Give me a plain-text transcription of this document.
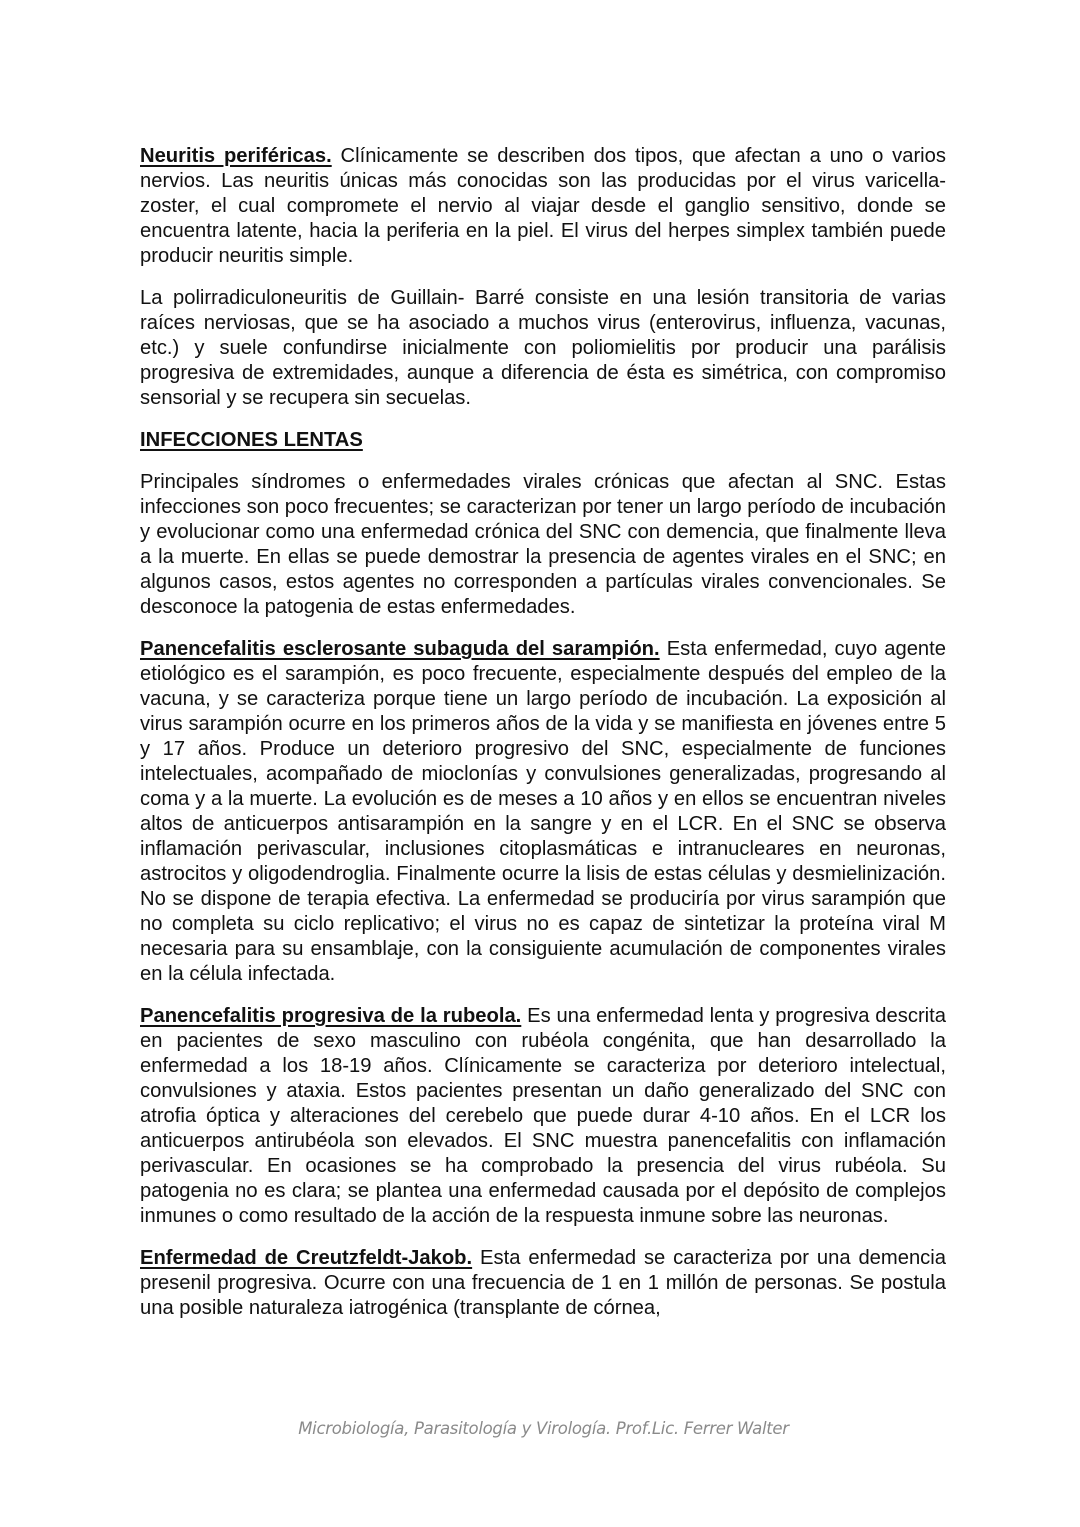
Neuritis periféricas. Clínicamente se describen dos tipos, que afectan a uno o varios nervios. Las neuritis únicas más conocidas son las producidas por el virus varicella-zoster, el cual compromete el nervio al viajar desde el ganglio sensitivo, donde se encuentra latente, hacia la periferia en la piel. El virus del herpes simplex también puede producir neuritis simple.

La polirradiculoneuritis de Guillain- Barré consiste en una lesión transitoria de varias raíces nerviosas, que se ha asociado a muchos virus (enterovirus, influenza, vacunas, etc.) y suele confundirse inicialmente con poliomielitis por producir una parálisis progresiva de extremidades, aunque a diferencia de ésta es simétrica, con compromiso sensorial y se recupera sin secuelas.

INFECCIONES LENTAS

Principales síndromes o enfermedades virales crónicas que afectan al SNC. Estas infecciones son poco frecuentes; se caracterizan por tener un largo período de incubación y evolucionar como una enfermedad crónica del SNC con demencia, que finalmente lleva a la muerte. En ellas se puede demostrar la presencia de agentes virales en el SNC; en algunos casos, estos agentes no corresponden a partículas virales convencionales. Se desconoce la patogenia de estas enfermedades.

Panencefalitis esclerosante subaguda del sarampión. Esta enfermedad, cuyo agente etiológico es el sarampión, es poco frecuente, especialmente después del empleo de la vacuna, y se caracteriza porque tiene un largo período de incubación. La exposición al virus sarampión ocurre en los primeros años de la vida y se manifiesta en jóvenes entre 5 y 17 años. Produce un deterioro progresivo del SNC, especialmente de funciones intelectuales, acompañado de mioclonías y convulsiones generalizadas, progresando al coma y a la muerte. La evolución es de meses a 10 años y en ellos se encuentran niveles altos de anticuerpos antisarampión en la sangre y en el LCR. En el SNC se observa inflamación perivascular, inclusiones citoplasmáticas e intranucleares en neuronas, astrocitos y oligodendroglia. Finalmente ocurre la lisis de estas células y desmielinización. No se dispone de terapia efectiva. La enfermedad se produciría por virus sarampión que no completa su ciclo replicativo; el virus no es capaz de sintetizar la proteína viral M necesaria para su ensamblaje, con la consiguiente acumulación de componentes virales en la célula infectada.

Panencefalitis progresiva de la rubeola. Es una enfermedad lenta y progresiva descrita en pacientes de sexo masculino con rubéola congénita, que han desarrollado la enfermedad a los 18-19 años. Clínicamente se caracteriza por deterioro intelectual, convulsiones y ataxia. Estos pacientes presentan un daño generalizado del SNC con atrofia óptica y alteraciones del cerebelo que puede durar 4-10 años. En el LCR los anticuerpos antirubéola son elevados. El SNC muestra panencefalitis con inflamación perivascular. En ocasiones se ha comprobado la presencia del virus rubéola. Su patogenia no es clara; se plantea una enfermedad causada por el depósito de complejos inmunes o como resultado de la acción de la respuesta inmune sobre las neuronas.

Enfermedad de Creutzfeldt-Jakob. Esta enfermedad se caracteriza por una demencia presenil progresiva. Ocurre con una frecuencia de 1 en 1 millón de personas. Se postula una posible naturaleza iatrogénica (transplante de córnea,

Microbiología, Parasitología y Virología. Prof.Lic. Ferrer Walter
